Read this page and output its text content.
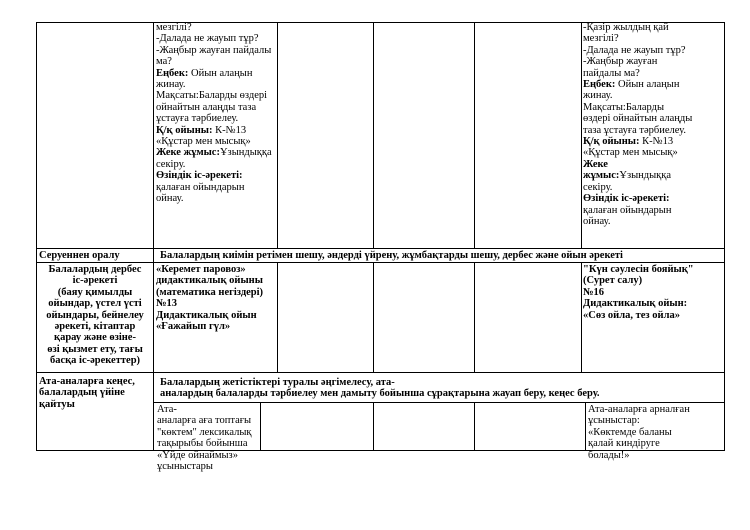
мезгілі?

-Далада не жауып тұр?

-Жаңбыр жауған пайдалы

ма?

Еңбек: Ойын алаңын

жинау.

Мақсаты:Баларды өздері

ойнайтын алаңды таза

ұстауға тәрбиелеу.

Қ/қ ойыны: К-№13

«Құстар мен мысық»

Жеке жұмыс:Ұзындыққа

секіру.

Өзіндік іс-әрекеті:

қалаған ойындарын

ойнау.

-Қазір жылдың қай

мезгілі?

-Далада не жауып тұр?

-Жаңбыр жауған

пайдалы ма?

Еңбек: Ойын алаңын

жинау.

Мақсаты:Баларды

өздері ойнайтын алаңды

таза ұстауға тәрбиелеу.

Қ/қ ойыны: К-№13

«Құстар мен мысық»

Жеке

жұмыс:Ұзындыққа

секіру.

Өзіндік іс-әрекеті:

қалаған ойындарын

ойнау.

Серуеннен оралу	Балалардың киімін ретімен шешу, әндерді үйрену, жұмбақтарды шешу, дербес және ойын әрекеті

Балалардың дербес

іс-әрекеті

(баяу қимылды

ойындар, үстел үсті

ойындары, бейнелеу

әрекеті, кітаптар

қарау және өзіне-

өзі қызмет ету, тағы

басқа іс-әрекеттер)

«Керемет паровоз»

дидактикалық ойыны

(математика негіздері)

№13

Дидактикалық ойын

«Ғажайып гүл»

"Күн сәулесін бояйық"

(Сурет салу)

№16

Дидактикалық ойын:

«Сөз ойла, тез ойла»

Ата-аналарға кеңес,

балалардың үйіне

қайтуы

Балалардың жетістіктері туралы әңгімелесу, ата-

аналардың балаларды тәрбиелеу мен дамыту бойынша сұрақтарына жауап беру, кеңес беру.

Ата-

аналарға аға топтағы

"көктем" лексикалық

тақырыбы бойынша

«Үйде ойнаймыз»

ұсыныстары

Ата-аналарға арналған

ұсыныстар:

«Көктемде баланы

қалай киндіруге

болады!»
